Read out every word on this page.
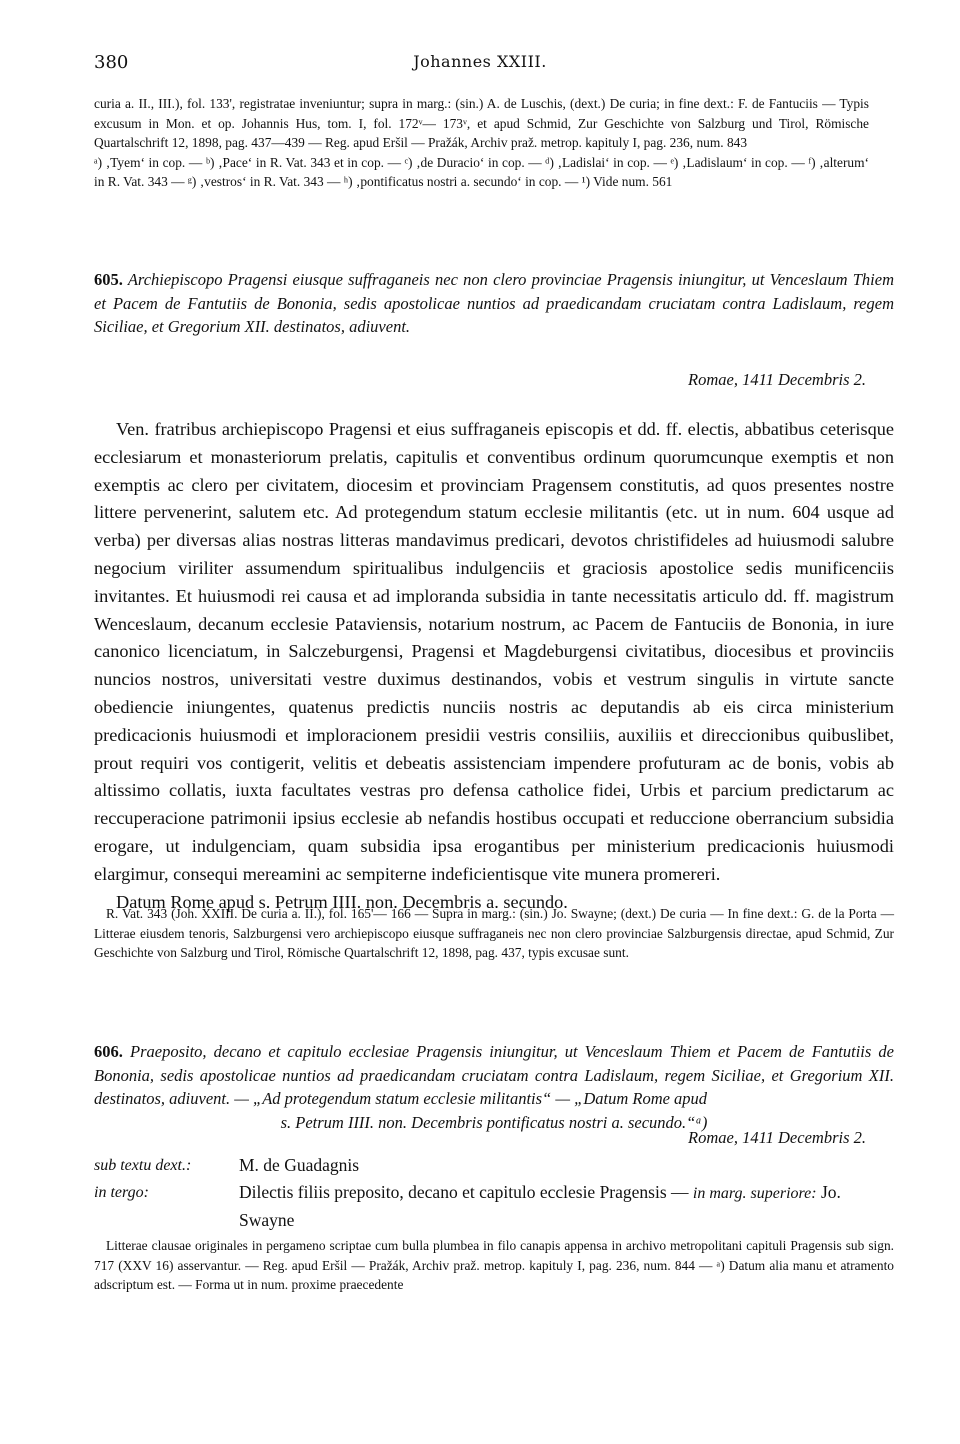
380	Johannes XXIII.

curia a. II., III.), fol. 133', registratae inveniuntur; supra in marg.: (sin.) A. de Luschis, (dext.) De curia; in fine dext.: F. de Fantuciis — Typis excusum in Mon. et op. Johannis Hus, tom. I, fol. 172ᵛ— 173ᵛ, et apud Schmid, Zur Geschichte von Salzburg und Tirol, Römische Quartalschrift 12, 1898, pag. 437—439 — Reg. apud Eršil — Pražák, Archiv praž. metrop. kapituly I, pag. 236, num. 843

ᵃ) ‚Tyem‘ in cop. — ᵇ) ‚Pace‘ in R. Vat. 343 et in cop. — ᶜ) ‚de Duracio‘ in cop. — ᵈ) ‚Ladislai‘ in cop. — ᵉ) ‚Ladislaum‘ in cop. — ᶠ) ‚alterum‘ in R. Vat. 343 — ᵍ) ‚vestros‘ in R. Vat. 343 — ʰ) ‚pontificatus nostri a. secundo‘ in cop. — ¹) Vide num. 561

605. Archiepiscopo Pragensi eiusque suffraganeis nec non clero provinciae Pragensis iniungitur, ut Venceslaum Thiem et Pacem de Fantutiis de Bononia, sedis apostolicae nuntios ad praedicandam cruciatam contra Ladislaum, regem Siciliae, et Gregorium XII. destinatos, adiuvent.
Romae, 1411 Decembris 2.

Ven. fratribus archiepiscopo Pragensi et eius suffraganeis episcopis et dd. ff. electis, abbatibus ceterisque ecclesiarum et monasteriorum prelatis, capitulis et conventibus ordinum quorumcunque exemptis et non exemptis ac clero per civitatem, diocesim et provinciam Pragensem constitutis, ad quos presentes nostre littere pervenerint, salutem etc. Ad protegendum statum ecclesie militantis (etc. ut in num. 604 usque ad verba) per diversas alias nostras litteras mandavimus predicari, devotos christifideles ad huiusmodi salubre negocium viriliter assumendum spiritualibus indulgenciis et graciosis apostolice sedis munificenciis invitantes. Et huiusmodi rei causa et ad imploranda subsidia in tante necessitatis articulo dd. ff. magistrum Wenceslaum, decanum ecclesie Pataviensis, notarium nostrum, ac Pacem de Fantuciis de Bononia, in iure canonico licenciatum, in Salczeburgensi, Pragensi et Magdeburgensi civitatibus, diocesibus et provinciis nuncios nostros, universitati vestre duximus destinandos, vobis et vestrum singulis in virtute sancte obediencie iniungentes, quatenus predictis nunciis nostris ac deputandis ab eis circa ministerium predicacionis huiusmodi et imploracionem presidii vestris consiliis, auxiliis et direccionibus quibuslibet, prout requiri vos contigerit, velitis et debeatis assistenciam impendere profuturam ac de bonis, vobis ab altissimo collatis, iuxta facultates vestras pro defensa catholice fidei, Urbis et parcium predictarum ac reccuperacione patrimonii ipsius ecclesie ab nefandis hostibus occupati et reduccione oberrancium subsidia erogare, ut indulgenciam, quam subsidia ipsa erogantibus per ministerium predicacionis huiusmodi elargimur, consequi mereamini ac sempiterne indeficientisque vite munera promereri.

Datum Rome apud s. Petrum IIII. non. Decembris a. secundo.

R. Vat. 343 (Joh. XXIII. De curia a. II.), fol. 165'— 166 — Supra in marg.: (sin.) Jo. Swayne; (dext.) De curia — In fine dext.: G. de la Porta — Litterae eiusdem tenoris, Salzburgensi vero archiepiscopo eiusque suffraganeis nec non clero provinciae Salzburgensis directae, apud Schmid, Zur Geschichte von Salzburg und Tirol, Römische Quartalschrift 12, 1898, pag. 437, typis excusae sunt.

606. Praeposito, decano et capitulo ecclesiae Pragensis iniungitur, ut Venceslaum Thiem et Pacem de Fantutiis de Bononia, sedis apostolicae nuntios ad praedicandam cruciatam contra Ladislaum, regem Siciliae, et Gregorium XII. destinatos, adiuvent. — „Ad protegendum statum ecclesie militantis“ — „Datum Rome apud
s. Petrum IIII. non. Decembris pontificatus nostri a. secundo.“ᵃ)
Romae, 1411 Decembris 2.
sub textu dext.:	M. de Guadagnis
in tergo:	Dilectis filiis preposito, decano et capitulo ecclesie Pragensis — in marg. superiore: Jo. Swayne

Litterae clausae originales in pergameno scriptae cum bulla plumbea in filo canapis appensa in archivo metropolitani capituli Pragensis sub sign. 717 (XXV 16) asservantur. — Reg. apud Eršil — Pražák, Archiv praž. metrop. kapituly I, pag. 236, num. 844 — ᵃ) Datum alia manu et atramento adscriptum est. — Forma ut in num. proxime praecedente
